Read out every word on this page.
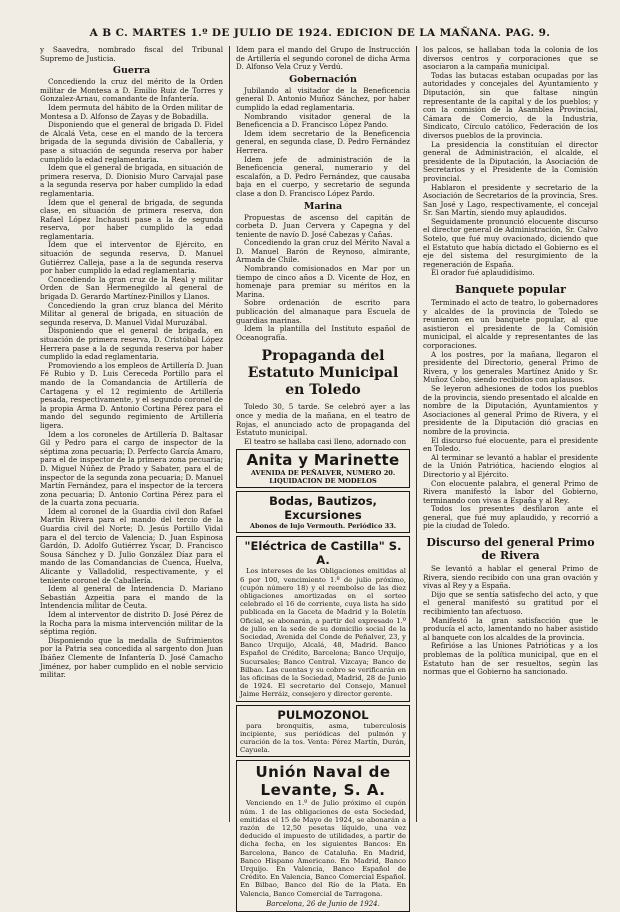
A B C. MARTES 1.º DE JULIO DE 1924. EDICION DE LA MAÑANA. PAG. 9.

y Saavedra, nombrado fiscal del Tribunal Supremo de Justicia.

Guerra

Concediendo la cruz del mérito de la Orden militar de Montesa a D. Emilio Ruiz de Torres y Gonzalez-Arnau, comandante de Infantería.

Idem permuta del hábito de la Orden militar de Montesa a D. Alfonso de Zayas y de Bobadilla.

Disponiendo que el general de brigada D. Fidel de Alcalá Veta, cese en el mando de la tercera brigada de la segunda división de Caballería, y pase a situación de segunda reserva por haber cumplido la edad reglamentaria.

Idem que el general de brigada, en situación de primera reserva, D. Dionisio Muro Carvajal pase a la segunda reserva por haber cumplido la edad reglamentaria.

Idem que el general de brigada, de segunda clase, en situación de primera reserva, don Rafael López Inchausti pase a la de segunda reserva, por haber cumplido la edad reglamentaria.

Idem que el interventor de Ejército, en situación de segunda reserva, D. Manuel Gutiérrez Calleja, pase a la de segunda reserva por haber cumplido la edad reglamentaria.

Concediendo la gran cruz de la Real y militar Orden de San Hermenegildo al general de brigada D. Gerardo Martínez-Pinillos y Llanos.

Concediendo la gran cruz blanca del Mérito Militar al general de brigada, en situación de segunda reserva, D. Manuel Vidal Muruzábal.

Disponiendo que el general de brigada, en situación de primera reserva, D. Cristóbal López Herrera pase a la de segunda reserva por haber cumplido la edad reglamentaria.

Promoviendo a los empleos de Artillería D. Juan Fé Rubio y D. Luis Cereceda Portillo para el mando de la Comandancia de Artillería de Cartagena y el 12 regimiento de Artillería pesada, respectivamente, y el segundo coronel de la propia Arma D. Antonio Cortina Pérez para el mando del segundo regimiento de Artillería ligera.

Idem a los coroneles de Artillería D. Baltasar Gil y Pedro para el cargo de inspector de la séptima zona pecuaria; D. Perfecto García Amaro, para el de inspector de la primera zona pecuaria; D. Miguel Núñez de Prado y Sabater, para el de inspector de la segunda zona pecuaria; D. Manuel Martín Fernández, para el inspector de la tercera zona pecuaria; D. Antonio Cortina Pérez para el de la cuarta zona pecuaria.

Idem al coronel de la Guardia civil don Rafael Martín Rivera para el mando del tercio de la Guardia civil del Norte; D. Jesús Portillo Vidal para el del tercio de Valencia; D. Juan Espinosa Gardón, D. Adolfo Gutiérrez Yscar, D. Francisco Sousa Sánchez y D. Julio González Díaz para el mando de las Comandancias de Cuenca, Huelva, Alicante y Valladolid, respectivamente, y el teniente coronel de Caballería.

Idem al general de Intendencia D. Mariano Sebastián Azpeitia para el mando de la Intendencia militar de Ceuta.

Idem al interventor de distrito D. José Pérez de la Rocha para la misma intervención militar de la séptima región.

Disponiendo que la medalla de Sufrimientos por la Patria sea concedida al sargento don Juan Ibáñez Clemente de Infantería D. José Camacho Jiménez, por haber cumplido en el noble servicio militar.

Idem para el mando del Grupo de Instrucción de Artillería el segundo coronel de dicha Arma D. Alfonso Vela Cruz y Verdú.

Gobernación

Jubilando al visitador de la Beneficencia general D. Antonio Muñoz Sánchez, por haber cumplido la edad reglamentaria.

Nombrando visitador general de la Beneficencia a D. Francisco López Pando.

Idem idem secretario de la Beneficencia general, en segunda clase, D. Pedro Fernández Herrera.

Idem jefe de administración de la Beneficencia general, numerario y del escalafón, a D. Pedro Fernández, que causaba baja en el cuerpo, y secretario de segunda clase a don D. Francisco López Pardo.

Marina

Propuestas de ascenso del capitán de corbeta D. Juan Cervera y Capegna y del teniente de navío D. José Cabezas y Cañas.

Concediendo la gran cruz del Mérito Naval a D. Manuel Barón de Reynoso, almirante, Armada de Chile.

Nombrando comisionados en Mar por un tiempo de cinco años a D. Vicente de Hoz, en homenaje para premiar su méritos en la Marina.

Sobre ordenación de escrito para publicación del almanaque para Escuela de guardias marinas.

Idem la plantilla del Instituto español de Oceanografía.

Propaganda del Estatuto Municipal en Toledo

Toledo 30, 5 tarde. Se celebró ayer a las once y media de la mañana, en el teatro de Rojas, el anunciado acto de propaganda del Estatuto municipal.

El teatro se hallaba casi lleno, adornado con

Anita y Marinette
AVENIDA DE PEÑALVER, NUMERO 20.
LIQUIDACION DE MODELOS
Bodas, Bautizos, Excursiones
Abonos de lujo Vermouth. Periódico 33.
"Eléctrica de Castilla" S. A.
Los intereses de las Obligaciones emitidas al 6 por 100, vencimiento 1.º de julio próximo, (cupón número 18) y el reembolso de las diez obligaciones amortizadas en el sorteo celebrado el 16 de corriente, cuya lista ha sido publicada en la Gaceta de Madrid y la Boletín Oficial, se abonarán, a partir del expresado 1.º de julio en la sede de su domicilio social de la Sociedad, Avenida del Conde de Peñalver, 23, y Banco Urquijo, Alcalá, 48, Madrid. Banco Español de Crédito, Barcelona; Banco Urquijo, Sucursales; Banco Central. Vizcaya; Banco de Bilbao. Las cuentas y su cobro se verificarán en las oficinas de la Sociedad, Madrid, 28 de Junio de 1924. El secretario del Consejo, Manuel Jaime Herráiz, consejero y director gerente.
PULMOZONOL
para bronquitis, asma, tuberculosis incipiente, sus periódicas del pulmón y curación de la tos. Venta: Pérez Martín, Durán, Cayuela.
Unión Naval de Levante, S. A.
Venciendo en 1.º de Julio próximo el cupón núm. 1 de las obligaciones de esta Sociedad, emitidas el 15 de Mayo de 1924, se abonarán a razón de 12,50 pesetas líquido, una vez deducido el impuesto de utilidades, a partir de dicha fecha, en los siguientes Bancos: En Barcelona, Banco de Cataluña. En Madrid, Banco Hispano Americano. En Madrid, Banco Urquijo. En Valencia, Banco Español de Crédito. En Valencia, Banco Comercial Español. En Bilbao, Banco del Río de la Plata. En Valencia, Banco Comercial de Tarragona.
Barcelona, 26 de Junio de 1924.

los palcos, se hallaban toda la colonia de los diversos centros y corporaciones que se asociaron a la campaña municipal.

Todas las butacas estaban ocupadas por las autoridades y concejales del Ayuntamiento y Diputación, sin que faltase ningún representante de la capital y de los pueblos; y con la comisión de la Asamblea Provincial, Cámara de Comercio, de la Industria, Sindicato, Círculo católico, Federación de los diversos pueblos de la provincia.

La presidencia la constituían el director general de Administración, el alcalde, el presidente de la Diputación, la Asociación de Secretarios y el Presidente de la Comisión provincial.

Hablaron el presidente y secretario de la Asociación de Secretarios de la provincia, Sres. San José y Lago, respectivamente, el concejal Sr. San Martín, siendo muy aplaudidos.

Seguidamente pronunció elocuente discurso el director general de Administración, Sr. Calvo Sotelo, que fué muy ovacionado, diciendo que el Estatuto que había dictado el Gobierno es el eje del sistema del resurgimiento de la regeneración de España.

El orador fué aplaudidísimo.

Banquete popular

Terminado el acto de teatro, lo gobernadores y alcaldes de la provincia de Toledo se reunieron en un banquete popular, al que asistieron el presidente de la Comisión municipal, el alcalde y representantes de las corporaciones.

A los postres, por la mañana, llegaron el presidente del Directorio, general Primo de Rivera, y los generales Martínez Anido y Sr. Muñoz Cobo, siendo recibidos con aplausos.

Se leyeron adhesiones de todos los pueblos de la provincia, siendo presentado el alcalde en nombre de la Diputación, Ayuntamientos y Asociaciones al general Primo de Rivera, y el presidente de la Diputación dió gracias en nombre de la provincia.

El discurso fué elocuente, para el presidente en Toledo.

Al terminar se levantó a hablar el presidente de la Unión Patriótica, haciendo elogios al Directorio y al Ejército.

Con elocuente palabra, el general Primo de Rivera manifestó la labor del Gobierno, terminando con vivas a España y al Rey.

Todos los presentes desfilaron ante el general, que fué muy aplaudido, y recorrió a pie la ciudad de Toledo.

Discurso del general Primo de Rivera

Se levantó a hablar el general Primo de Rivera, siendo recibido con una gran ovación y vivas al Rey y a España.

Dijo que se sentía satisfecho del acto, y que el general manifestó su gratitud por el recibimiento tan afectuoso.

Manifestó la gran satisfacción que le producía el acto, lamentando no haber asistido al banquete con los alcaldes de la provincia.

Refirióse a las Uniones Patrióticas y a los problemas de la política municipal, que en el Estatuto han de ser resueltos, según las normas que el Gobierno ha sancionado.
